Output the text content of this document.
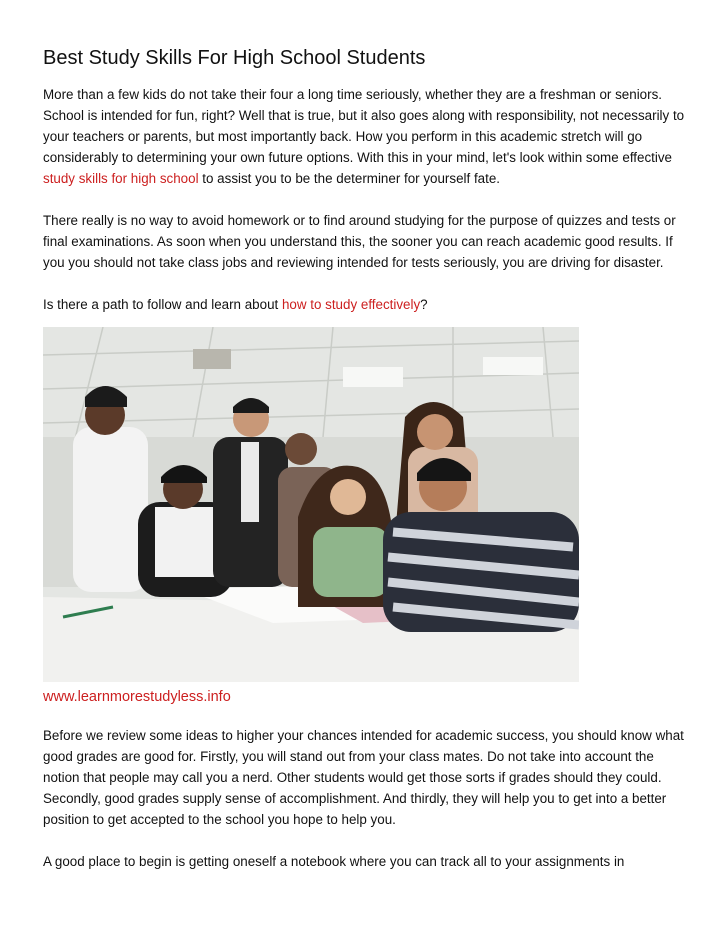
Best Study Skills For High School Students

More than a few kids do not take their four a long time seriously, whether they are a freshman or seniors. School is intended for fun, right? Well that is true, but it also goes along with responsibility, not necessarily to your teachers or parents, but most importantly back. How you perform in this academic stretch will go considerably to determining your own future options. With this in your mind, let's look within some effective study skills for high school to assist you to be the determiner for yourself fate.

There really is no way to avoid homework or to find around studying for the purpose of quizzes and tests or final examinations. As soon when you understand this, the sooner you can reach academic good results. If you you should not take class jobs and reviewing intended for tests seriously, you are driving for disaster.

Is there a path to follow and learn about how to study effectively?

www.learnmorestudyless.info

Before we review some ideas to higher your chances intended for academic success, you should know what good grades are good for. Firstly, you will stand out from your class mates. Do not take into account the notion that people may call you a nerd. Other students would get those sorts if grades should they could. Secondly, good grades supply sense of accomplishment. And thirdly, they will help you to get into a better position to get accepted to the school you hope to help you.

A good place to begin is getting oneself a notebook where you can track all to your assignments in
